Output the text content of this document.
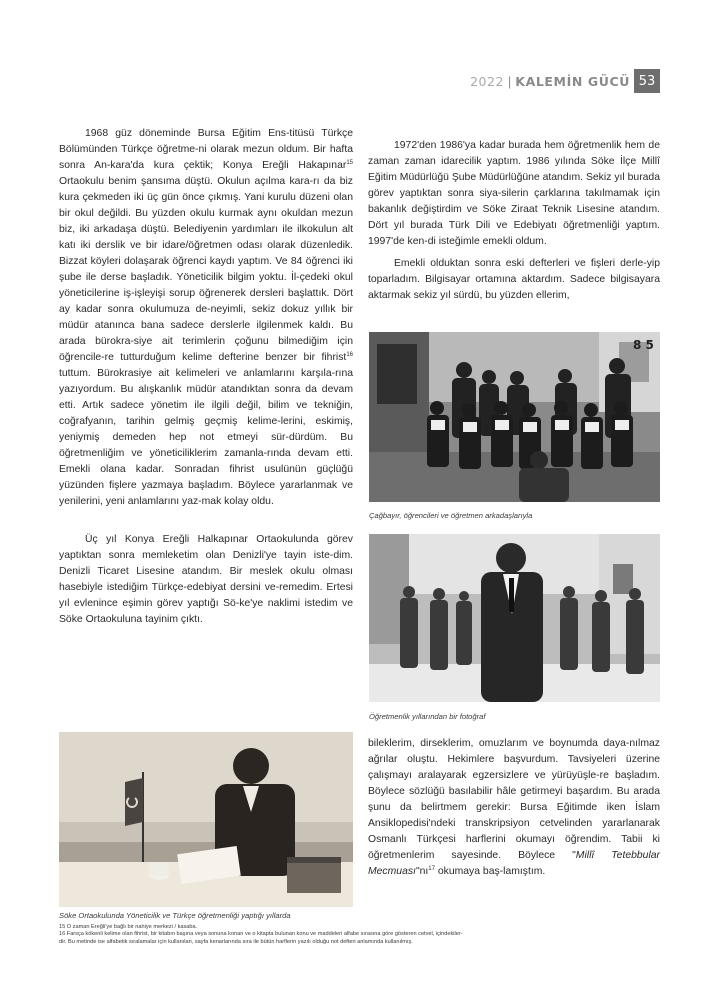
2022 | KALEMİN GÜCÜ 53

1968 güz döneminde Bursa Eğitim Ens-titüsü Türkçe Bölümünden Türkçe öğretme-ni olarak mezun oldum. Bir hafta sonra An-kara'da kura çektik; Konya Ereğli Hakapınar$^{15}$ Ortaokulu benim şansıma düştü. Okulun açılma kara-rı da biz kura çekmeden iki üç gün önce çıkmış. Yani kurulu düzeni olan bir okul değildi. Bu yüzden okulu kurmak aynı okuldan mezun biz, iki arkadaşa düştü. Belediyenin yardımları ile ilkokulun alt katı iki derslik ve bir idare/öğretmen odası olarak düzenledik. Bizzat köyleri dolaşarak öğrenci kaydı yaptım. Ve 84 öğrenci iki şube ile derse başladık. Yöneticilik bilgim yoktu. İl-çedeki okul yöneticilerine iş-işleyişi sorup öğrenerek dersleri başlattık. Dört ay kadar sonra okulumuza de-neyimli, sekiz dokuz yıllık bir müdür atanınca bana sadece derslerle ilgilenmek kaldı. Bu arada bürokra-siye ait terimlerin çoğunu bilmediğim için öğrencile-re tutturduğum kelime defterine benzer bir fihrist$^{16}$ tuttum. Bürokrasiye ait kelimeleri ve anlamlarını karşıla-rına yazıyordum. Bu alışkanlık müdür atandıktan sonra da devam etti. Artık sadece yönetim ile ilgili değil, bilim ve tekniğin, coğrafyanın, tarihin gelmiş geçmiş kelime-lerini, eskimiş, yeniymiş demeden hep not etmeyi sür-dürdüm. Bu öğretmenliğim ve yöneticiliklerim zamanla-rında devam etti. Emekli olana kadar. Sonradan fihrist usulünün güçlüğü yüzünden fişlere yazmaya başladım. Böylece yararlanmak ve yenilerini, yeni anlamlarını yaz-mak kolay oldu.

Üç yıl Konya Ereğli Halkapınar Ortaokulunda görev yaptıktan sonra memleketim olan Denizli'ye tayin iste-dim. Denizli Ticaret Lisesine atandım. Bir meslek okulu olması hasebiyle istediğim Türkçe-edebiyat dersini ve-remedim. Ertesi yıl evlenince eşimin görev yaptığı Sö-ke'ye naklimi istedim ve Söke Ortaokuluna tayinim çıktı.

1972'den 1986'ya kadar burada hem öğretmenlik hem de zaman zaman idarecilik yaptım. 1986 yılında Söke İlçe Millî Eğitim Müdürlüğü Şube Müdürlüğüne atandım. Sekiz yıl burada görev yaptıktan sonra siya-silerin çarklarına takılmamak için bakanlık değiştirdim ve Söke Ziraat Teknik Lisesine atandım. Dört yıl burada Türk Dili ve Edebiyatı öğretmenliği yaptım. 1997'de ken-di isteğimle emekli oldum.

Emekli olduktan sonra eski defterleri ve fişleri derle-yip toparladım. Bilgisayar ortamına aktardım. Sadece bilgisayara aktarmak sekiz yıl sürdü, bu yüzden ellerim,

8 5
Çağbayır, öğrencileri ve öğretmen arkadaşlarıyla
Öğretmenlik yıllarından bir fotoğraf
Söke Ortaokulunda Yöneticilik ve Türkçe öğretmenliği yaptığı yıllarda

bileklerim, dirseklerim, omuzlarım ve boynumda daya-nılmaz ağrılar oluştu. Hekimlere başvurdum. Tavsiyeleri üzerine çalışmayı aralayarak egzersizlere ve yürüyüşle-re başladım. Böylece sözlüğü basılabilir hâle getirmeyi başardım. Bu arada şunu da belirtmem gerekir: Bursa Eğitimde iken İslam Ansiklopedisi'ndeki transkripsiyon cetvelinden yararlanarak Osmanlı Türkçesi harflerini okumayı öğrendim. Tabii ki öğretmenlerim sayesinde. Böylece "Millî Tetebbular $Mecmuası"nı^{17}$ okumaya baş-lamıştım.

15 O zaman Ereğli'ye bağlı bir nahiye merkezi / kasaba.
16 Farsça kökenli kelime olan fihrist, bir kitabın başına veya sonuna konan ve o kitapta bulunan konu ve maddeleri alfabe sırasına göre gösteren cetvel, içindekiler-
dir. Bu metinde ise alfabetik sıralamalar için kullanılan, sayfa kenarlarında sıra ile bütün harflerin yazılı olduğu not defteri anlamında kullanılmış.
